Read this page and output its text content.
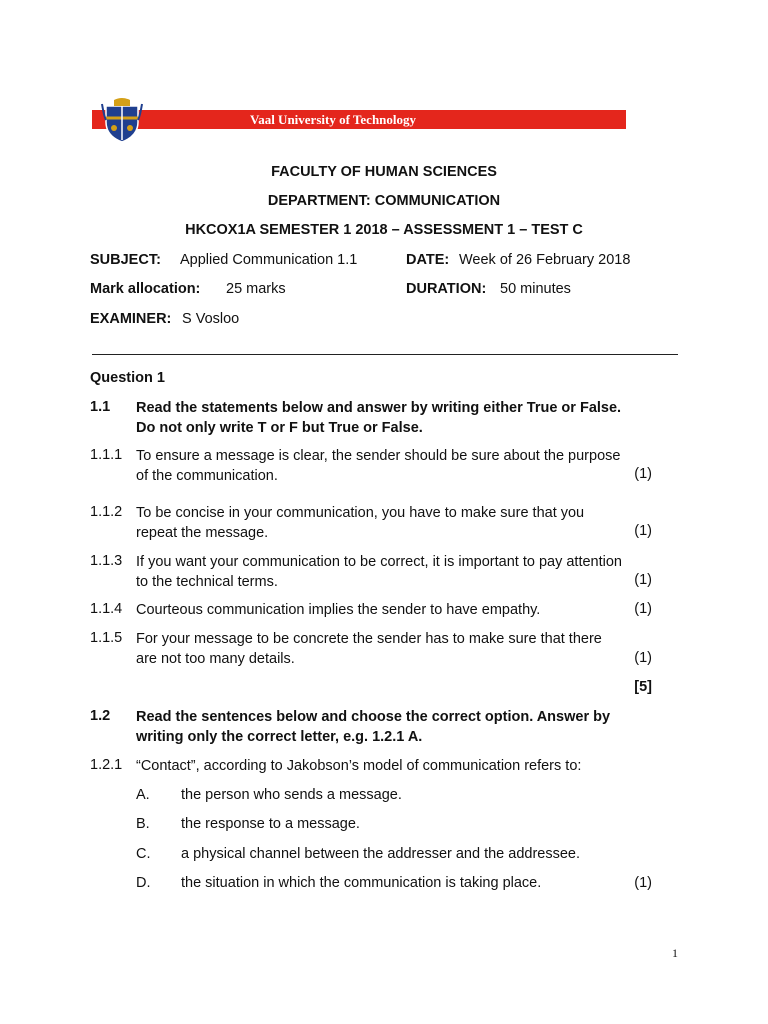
Vaal University of Technology
FACULTY OF HUMAN SCIENCES
DEPARTMENT: COMMUNICATION
HKCOX1A SEMESTER 1 2018 – ASSESSMENT 1 – TEST C
SUBJECT: Applied Communication 1.1	DATE: Week of 26 February 2018
Mark allocation: 25 marks	DURATION: 50 minutes
EXAMINER: S Vosloo
Question 1
1.1 Read the statements below and answer by writing either True or False.
Do not only write T or F but True or False.
1.1.1 To ensure a message is clear, the sender should be sure about the purpose
of the communication.	(1)
1.1.2 To be concise in your communication, you have to make sure that you
repeat the message.	(1)
1.1.3 If you want your communication to be correct, it is important to pay attention
to the technical terms.	(1)
1.1.4 Courteous communication implies the sender to have empathy.	(1)
1.1.5 For your message to be concrete the sender has to make sure that there
are not too many details.	(1)
[5]
1.2 Read the sentences below and choose the correct option. Answer by
writing only the correct letter, e.g. 1.2.1 A.
1.2.1 “Contact”, according to Jakobson’s model of communication refers to:
A. the person who sends a message.
B. the response to a message.
C. a physical channel between the addresser and the addressee.
D. the situation in which the communication is taking place.	(1)
1
